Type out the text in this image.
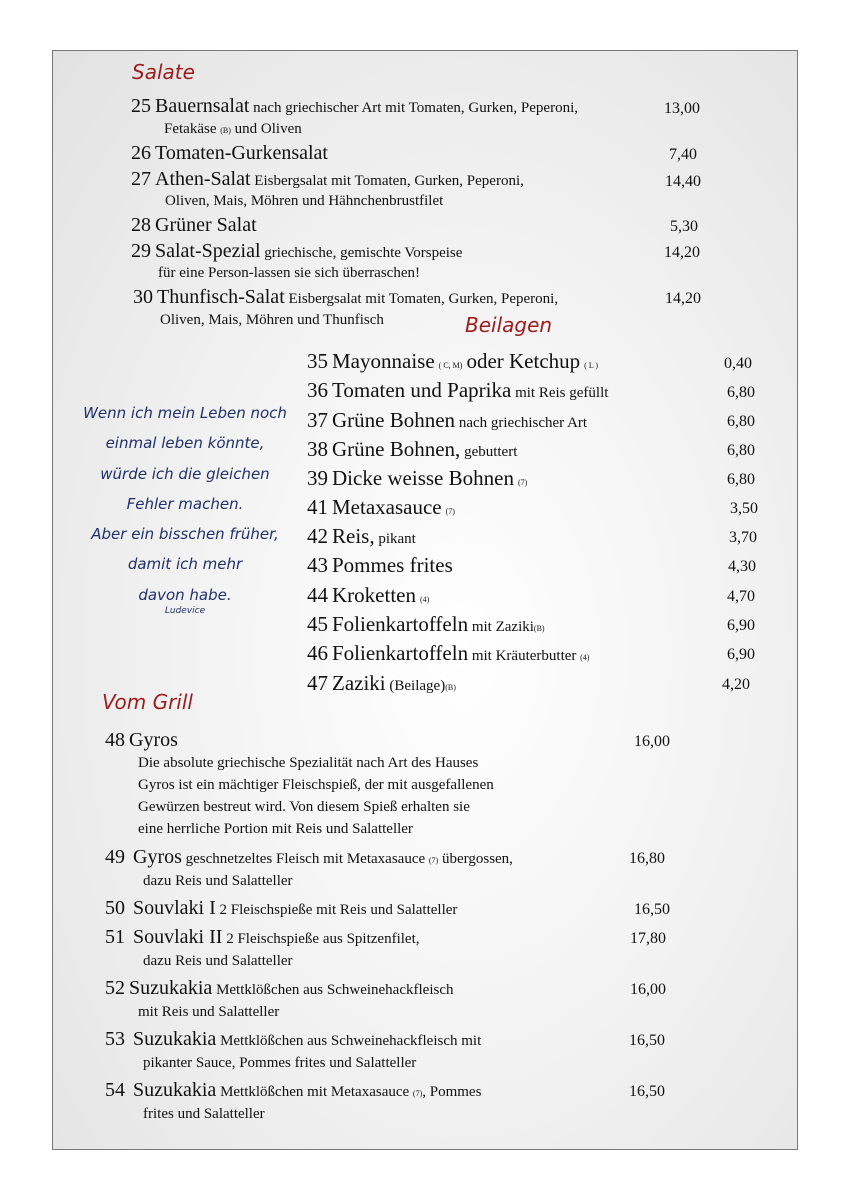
Salate
25 Bauernsalat nach griechischer Art mit Tomaten, Gurken, Peperoni,	13,00
Fetakäse (B) und Oliven
26 Tomaten-Gurkensalat	7,40
27 Athen-Salat Eisbergsalat mit Tomaten, Gurken, Peperoni,	14,40
Oliven, Mais, Möhren und Hähnchenbrustfilet
28 Grüner Salat	5,30
29 Salat-Spezial griechische, gemischte Vorspeise	14,20
für eine Person-lassen sie sich überraschen!
30 Thunfisch-Salat Eisbergsalat mit Tomaten, Gurken, Peperoni,	14,20
Oliven, Mais, Möhren und Thunfisch	Beilagen
35 Mayonnaise ( C, M) oder Ketchup ( L )	0,40
36 Tomaten und Paprika mit Reis gefüllt	6,80
37 Grüne Bohnen nach griechischer Art	6,80
38 Grüne Bohnen, gebuttert	6,80
39 Dicke weisse Bohnen (7)	6,80
41 Metaxasauce (7)	3,50
42 Reis, pikant	3,70
43 Pommes frites	4,30
44 Kroketten (4)	4,70
45 Folienkartoffeln mit Zaziki(B)	6,90
46 Folienkartoffeln mit Kräuterbutter (4)	6,90
47 Zaziki (Beilage)(B)	4,20
Wenn ich mein Leben noch
einmal leben könnte,
würde ich die gleichen
Fehler machen.
Aber ein bisschen früher,
damit ich mehr
davon habe.
Ludevice
Vom Grill
48 Gyros	16,00
Die absolute griechische Spezialität nach Art des Hauses
Gyros ist ein mächtiger Fleischspieß, der mit ausgefallenen
Gewürzen bestreut wird. Von diesem Spieß erhalten sie
eine herrliche Portion mit Reis und Salatteller
49 Gyros geschnetzeltes Fleisch mit Metaxasauce (7) übergossen,	16,80
dazu Reis und Salatteller
50 Souvlaki I 2 Fleischspieße mit Reis und Salatteller	16,50
51 Souvlaki II 2 Fleischspieße aus Spitzenfilet,	17,80
dazu Reis und Salatteller
52 Suzukakia Mettklößchen aus Schweinehackfleisch	16,00
mit Reis und Salatteller
53 Suzukakia Mettklößchen aus Schweinehackfleisch mit	16,50
pikanter Sauce, Pommes frites und Salatteller
54 Suzukakia Mettklößchen mit Metaxasauce (7), Pommes	16,50
frites und Salatteller
